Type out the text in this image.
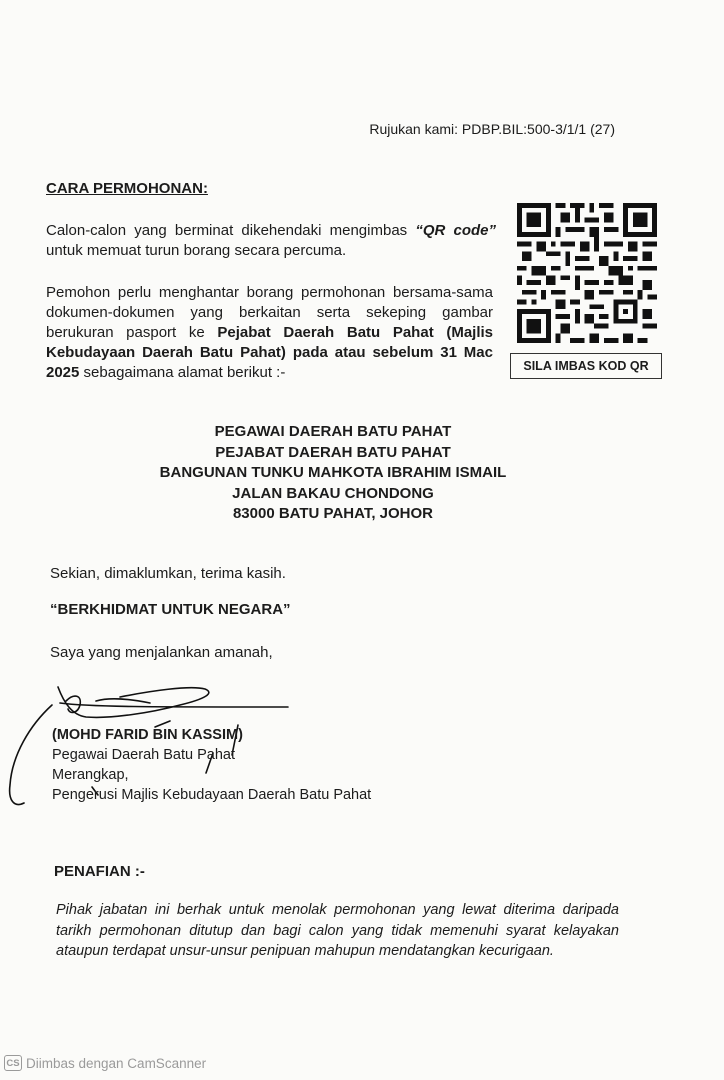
Rujukan kami: PDBP.BIL:500-3/1/1 (27)
CARA PERMOHONAN:
Calon-calon yang berminat dikehendaki mengimbas “QR code” untuk memuat turun borang secara percuma.
Pemohon perlu menghantar borang permohonan bersama-sama dokumen-dokumen yang berkaitan serta sekeping gambar berukuran pasport ke Pejabat Daerah Batu Pahat (Majlis Kebudayaan Daerah Batu Pahat) pada atau sebelum 31 Mac 2025 sebagaimana alamat berikut :-	SILA IMBAS KOD QR
PEGAWAI DAERAH BATU PAHAT
PEJABAT DAERAH BATU PAHAT
BANGUNAN TUNKU MAHKOTA IBRAHIM ISMAIL
JALAN BAKAU CHONDONG
83000 BATU PAHAT, JOHOR
Sekian, dimaklumkan, terima kasih.
“BERKHIDMAT UNTUK NEGARA”
Saya yang menjalankan amanah,
(MOHD FARID BIN KASSIM)
Pegawai Daerah Batu Pahat
Merangkap,
Pengerusi Majlis Kebudayaan Daerah Batu Pahat
PENAFIAN :-
Pihak jabatan ini berhak untuk menolak permohonan yang lewat diterima daripada tarikh permohonan ditutup dan bagi calon yang tidak memenuhi syarat kelayakan ataupun terdapat unsur-unsur penipuan mahupun mendatangkan kecurigaan.
CS Diimbas dengan CamScanner
